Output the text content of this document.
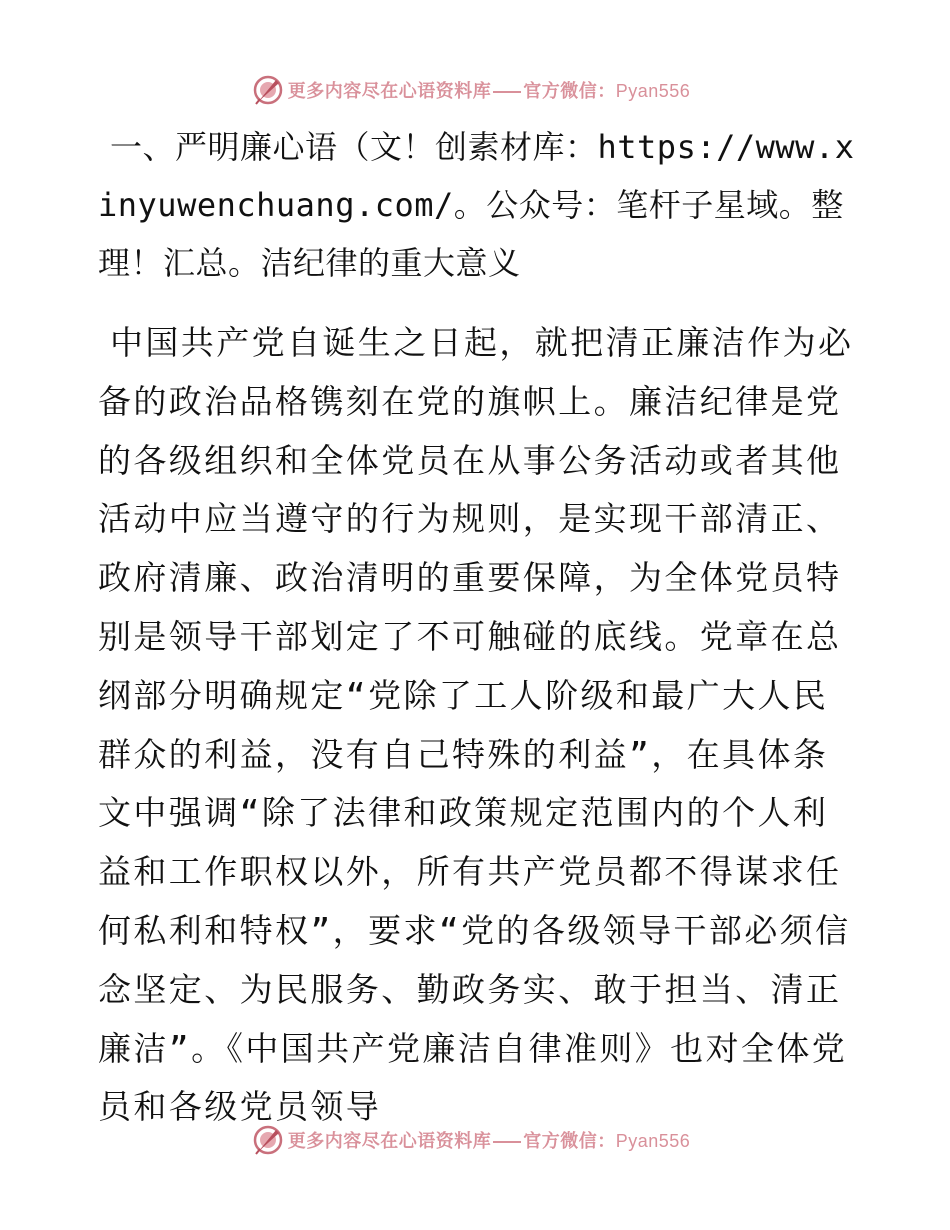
更多内容尽在心语资料库 官方微信：Pyan556
一、严明廉心语（文！创素材库：https://www.xinyuwenchuang.com/。公众号：笔杆子星域。整理！汇总。洁纪律的重大意义

中国共产党自诞生之日起，就把清正廉洁作为必备的政治品格镌刻在党的旗帜上。廉洁纪律是党的各级组织和全体党员在从事公务活动或者其他活动中应当遵守的行为规则，是实现干部清正、政府清廉、政治清明的重要保障，为全体党员特别是领导干部划定了不可触碰的底线。党章在总纲部分明确规定“党除了工人阶级和最广大人民群众的利益，没有自己特殊的利益”，在具体条文中强调“除了法律和政策规定范围内的个人利益和工作职权以外，所有共产党员都不得谋求任何私利和特权”，要求“党的各级领导干部必须信念坚定、为民服务、勤政务实、敢于担当、清正廉洁”。《中国共产党廉洁自律准则》也对全体党员和各级党员领导

更多内容尽在心语资料库 官方微信：Pyan556
